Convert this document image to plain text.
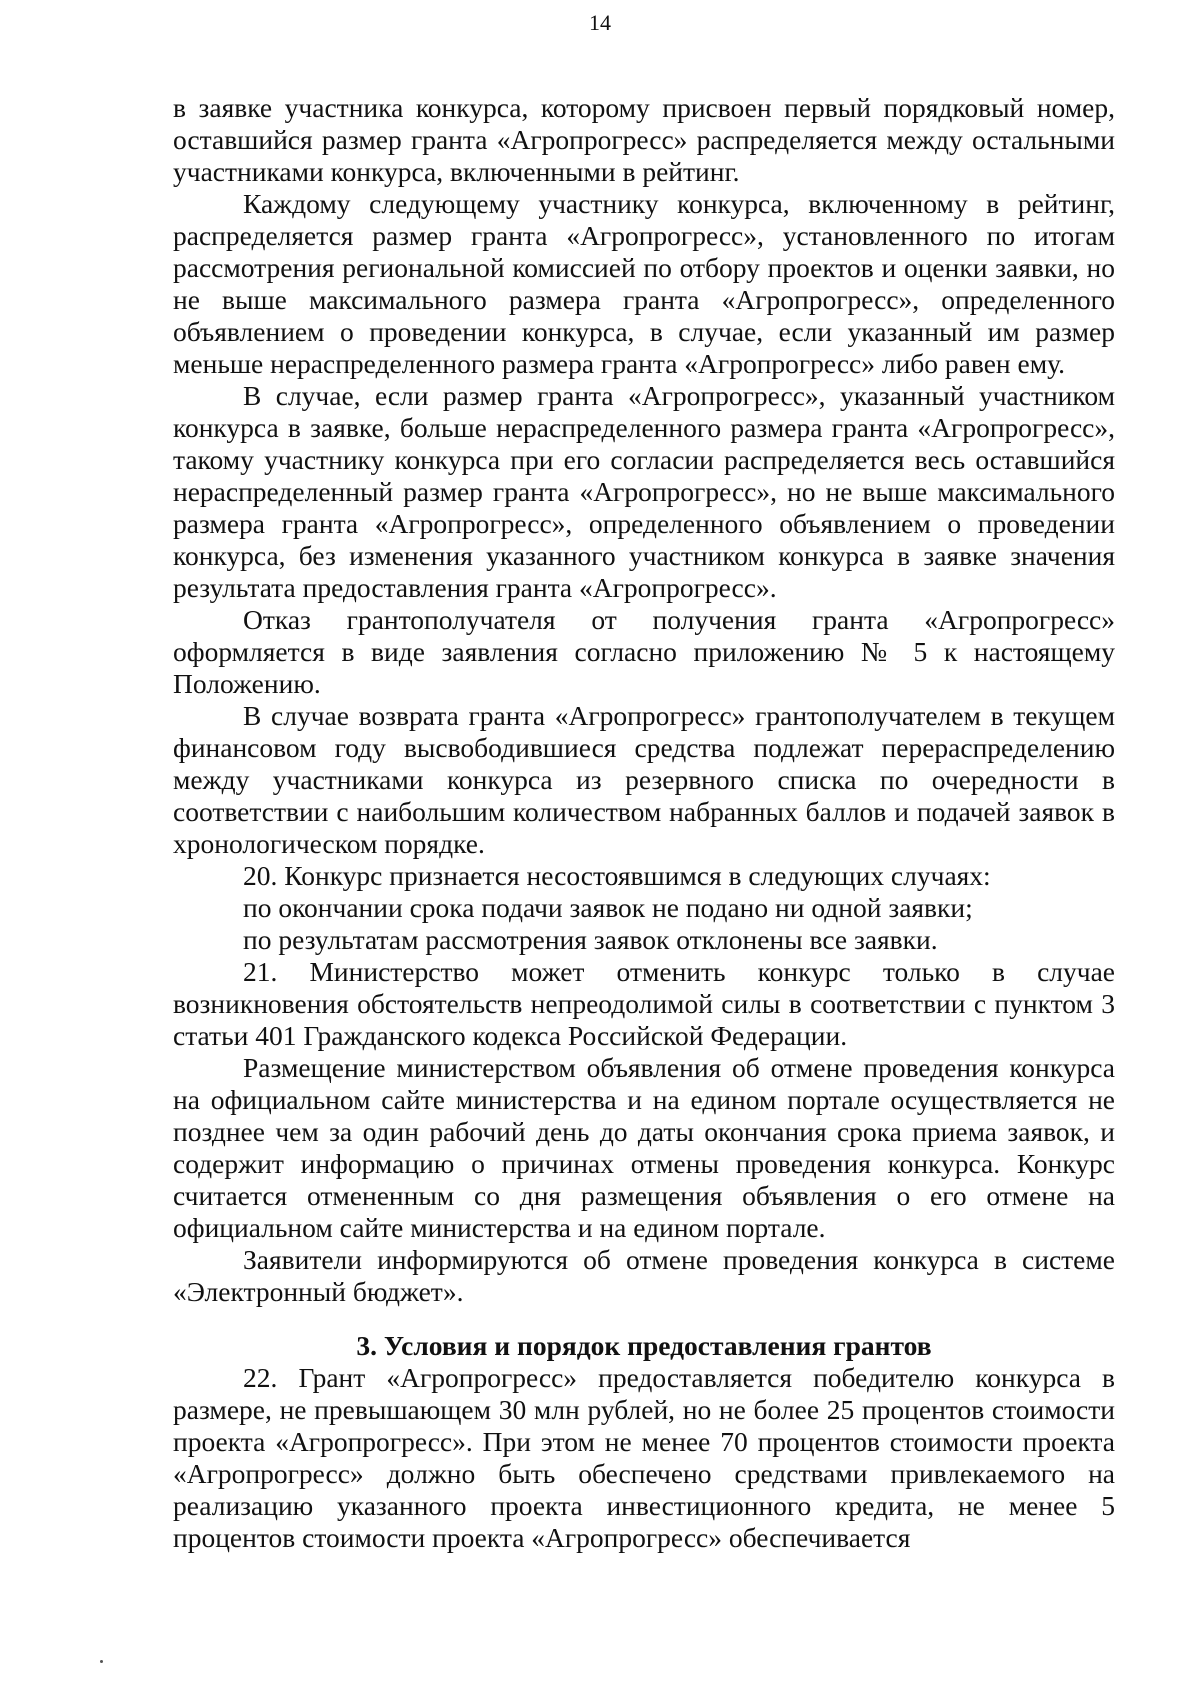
14

в заявке участника конкурса, которому присвоен первый порядковый номер, оставшийся размер гранта «Агропрогресс» распределяется между остальными участниками конкурса, включенными в рейтинг.

Каждому следующему участнику конкурса, включенному в рейтинг, распределяется размер гранта «Агропрогресс», установленного по итогам рассмотрения региональной комиссией по отбору проектов и оценки заявки, но не выше максимального размера гранта «Агропрогресс», определенного объявлением о проведении конкурса, в случае, если указанный им размер меньше нераспределенного размера гранта «Агропрогресс» либо равен ему.

В случае, если размер гранта «Агропрогресс», указанный участником конкурса в заявке, больше нераспределенного размера гранта «Агропрогресс», такому участнику конкурса при его согласии распределяется весь оставшийся нераспределенный размер гранта «Агропрогресс», но не выше максимального размера гранта «Агропрогресс», определенного объявлением о проведении конкурса, без изменения указанного участником конкурса в заявке значения результата предоставления гранта «Агропрогресс».

Отказ грантополучателя от получения гранта «Агропрогресс» оформляется в виде заявления согласно приложению № 5 к настоящему Положению.

В случае возврата гранта «Агропрогресс» грантополучателем в текущем финансовом году высвободившиеся средства подлежат перераспределению между участниками конкурса из резервного списка по очередности в соответствии с наибольшим количеством набранных баллов и подачей заявок в хронологическом порядке.

20. Конкурс признается несостоявшимся в следующих случаях:

по окончании срока подачи заявок не подано ни одной заявки;

по результатам рассмотрения заявок отклонены все заявки.

21. Министерство может отменить конкурс только в случае возникновения обстоятельств непреодолимой силы в соответствии с пунктом 3 статьи 401 Гражданского кодекса Российской Федерации.

Размещение министерством объявления об отмене проведения конкурса на официальном сайте министерства и на едином портале осуществляется не позднее чем за один рабочий день до даты окончания срока приема заявок, и содержит информацию о причинах отмены проведения конкурса. Конкурс считается отмененным со дня размещения объявления о его отмене на официальном сайте министерства и на едином портале.

Заявители информируются об отмене проведения конкурса в системе «Электронный бюджет».

3. Условия и порядок предоставления грантов

22. Грант «Агропрогресс» предоставляется победителю конкурса в размере, не превышающем 30 млн рублей, но не более 25 процентов стоимости проекта «Агропрогресс». При этом не менее 70 процентов стоимости проекта «Агропрогресс» должно быть обеспечено средствами привлекаемого на реализацию указанного проекта инвестиционного кредита, не менее 5 процентов стоимости проекта «Агропрогресс» обеспечивается
